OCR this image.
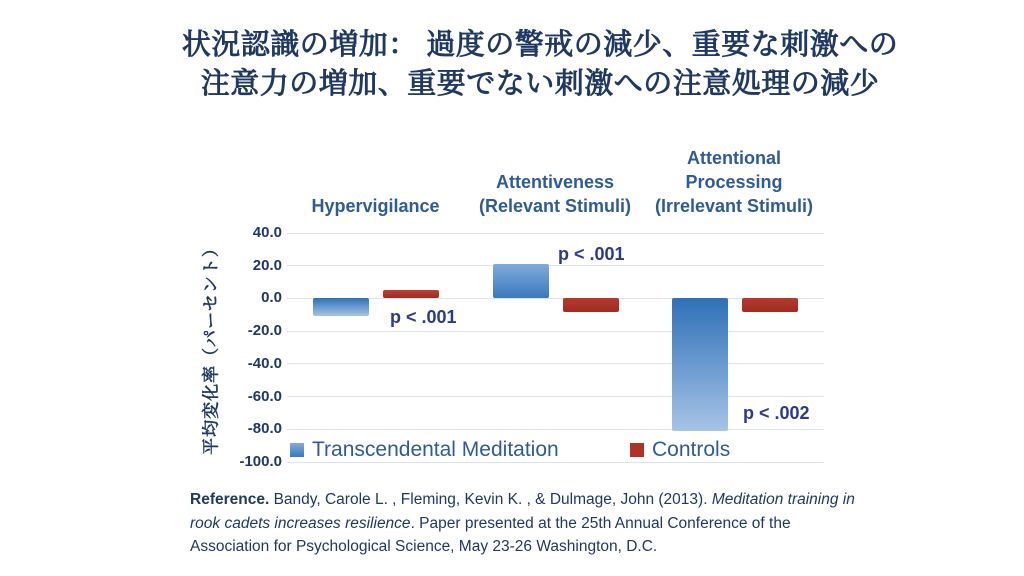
状況認識の増加： 過度の警戒の減少、重要な刺激への
注意力の増加、重要でない刺激への注意処理の減少
平均変化率（パーセント）
40.0
20.0
0.0
-20.0
-40.0
-60.0
-80.0
-100.0
Hypervigilance
Attentiveness
(Relevant Stimuli)
Attentional
Processing
(Irrelevant Stimuli)
p < .001
p < .001
p < .002
Transcendental Meditation	Controls
Reference. Bandy, Carole L. , Fleming, Kevin K. , & Dulmage, John (2013). Meditation training in rook cadets increases resilience. Paper presented at the 25th Annual Conference of the Association for Psychological Science, May 23-26 Washington, D.C.
